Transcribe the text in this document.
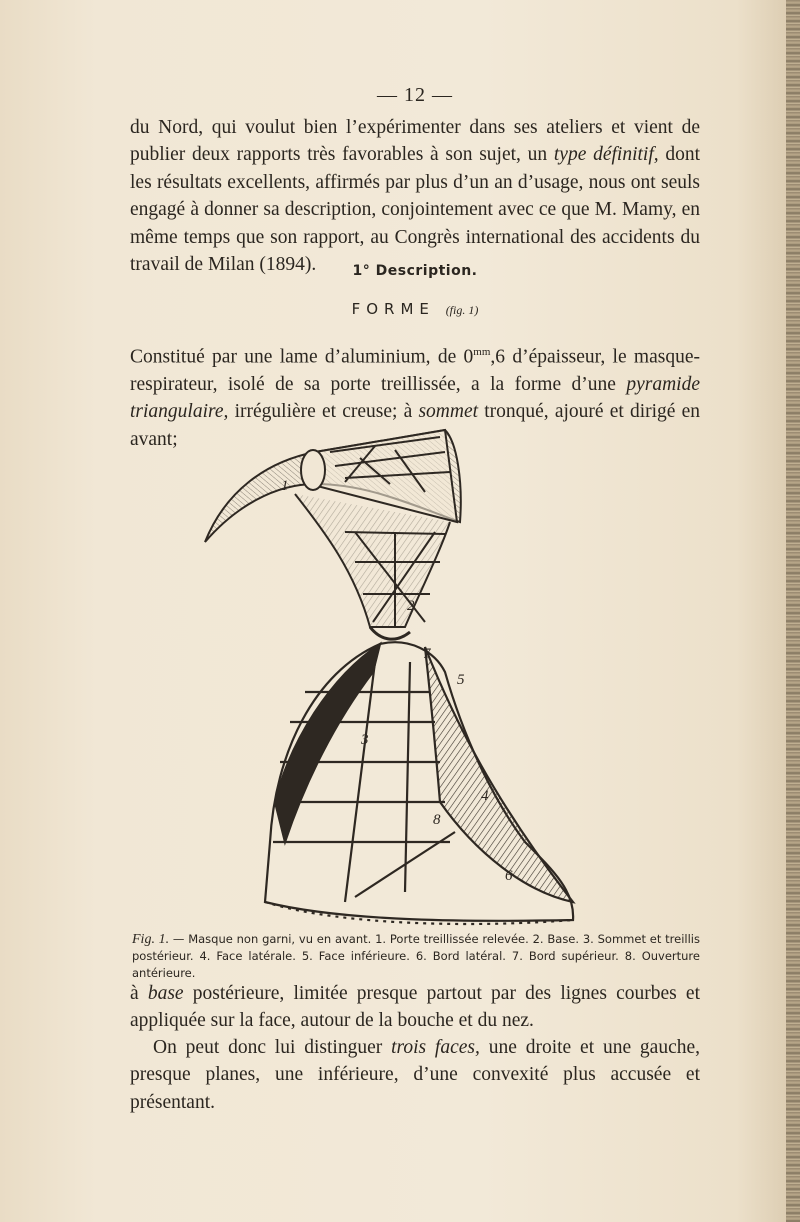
— 12 —

du Nord, qui voulut bien l’expérimenter dans ses ateliers et vient de publier deux rapports très favorables à son sujet, un type définitif, dont les résultats excellents, affirmés par plus d’un an d’usage, nous ont seuls engagé à donner sa description, conjointement avec ce que M. Mamy, en même temps que son rapport, au Congrès international des accidents du travail de Milan (1894).	1° Description.
FORME (fig. 1)

Constitué par une lame d’aluminium, de $0^{mm},6$ d’épaisseur, le masque-respirateur, isolé de sa porte treillissée, a la forme d’une pyramide triangulaire, irrégulière et creuse; à sommet tronqué, ajouré et dirigé en avant;

1
2
7
5
3
4
8
6

Fig. 1. — Masque non garni, vu en avant. 1. Porte treillissée relevée. 2. Base. 3. Sommet et treillis postérieur. 4. Face latérale. 5. Face inférieure. 6. Bord latéral. 7. Bord supérieur. 8. Ouverture antérieure.

à base postérieure, limitée presque partout par des lignes courbes et appliquée sur la face, autour de la bouche et du nez.

On peut donc lui distinguer trois faces, une droite et une gauche, presque planes, une inférieure, d’une convexité plus accusée et présentant.
